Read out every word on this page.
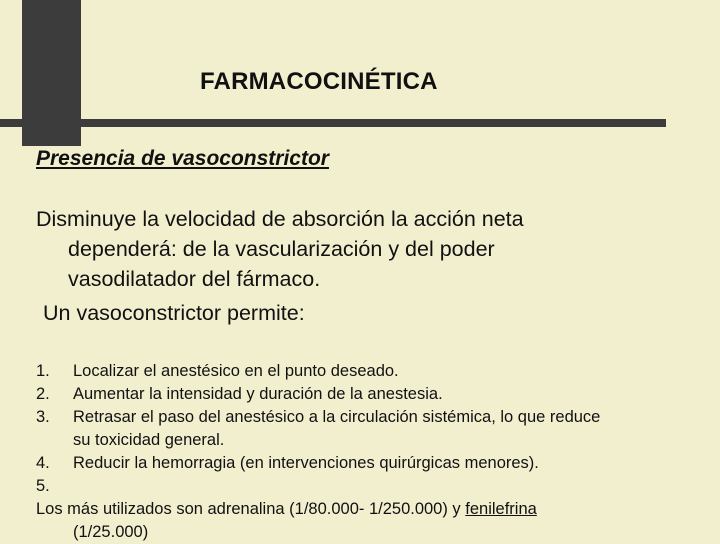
FARMACOCINÉTICA
Presencia de vasoconstrictor
Disminuye la velocidad de absorción la acción neta
dependerá: de la vascularización y del poder
vasodilatador del fármaco.
Un vasoconstrictor permite:
1.	Localizar el anestésico en el punto deseado.
2.	Aumentar la intensidad y duración de la anestesia.
3.	Retrasar el paso del anestésico a la circulación sistémica, lo que reduce
su toxicidad general.
4.	Reducir la hemorragia (en intervenciones quirúrgicas menores).
5.
Los más utilizados son adrenalina (1/80.000- 1/250.000) y fenilefrina
(1/25.000)
